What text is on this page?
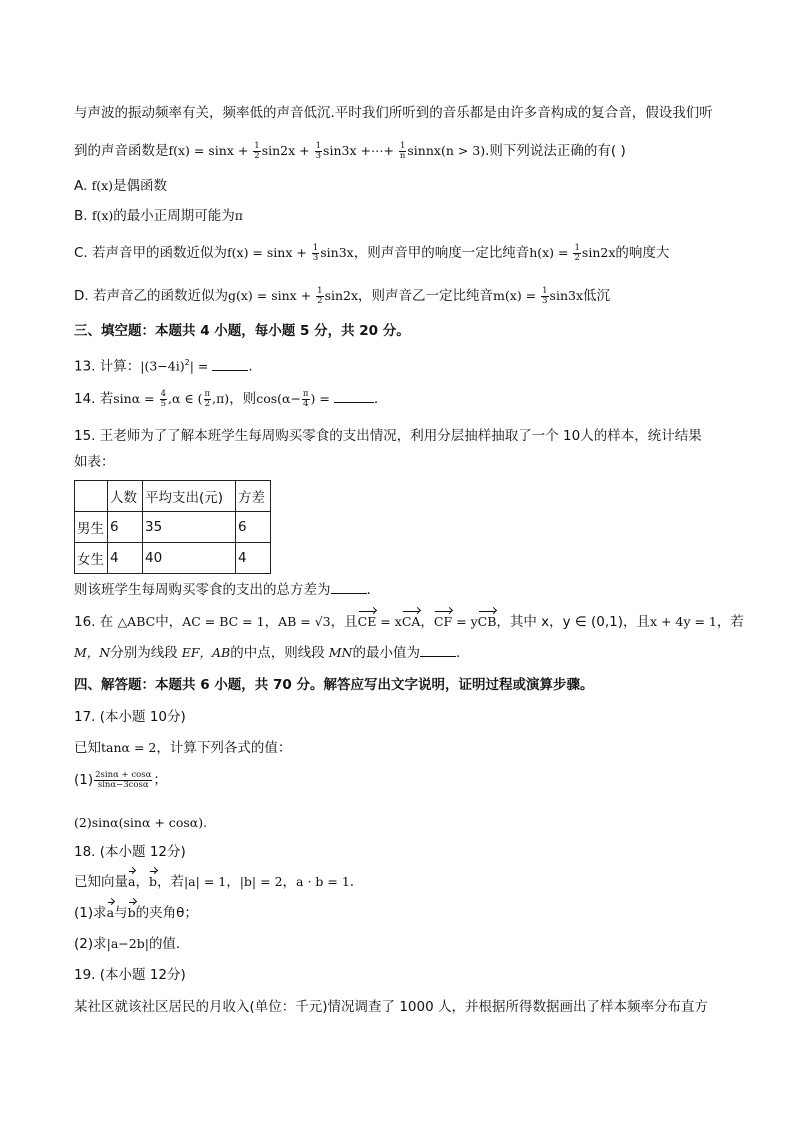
与声波的振动频率有关，频率低的声音低沉.平时我们所听到的音乐都是由许多音构成的复合音，假设我们听
到的声音函数是$f(x) = \sin x + \frac{1}{2} \sin 2x + \frac{1}{3} \sin 3x$ +⋯+ $\frac{1}{n}$ sinnx(n > 3).则下列说法正确的有( )
A. f(x)是偶函数
B. f(x)的最小正周期可能为π
C. 若声音甲的函数近似为$f(x) = \sin x + \frac{1}{3} \sin 3x$，则声音甲的响度一定比纯音$h(x) = \frac{1}{2} \sin 2x$的响度大
D. 若声音乙的函数近似为$g(x) = \sin x + \frac{1}{2} \sin 2x$，则声音乙一定比纯音$m(x) = \frac{1}{3} \sin 3x$低沉
三、填空题：本题共 4 小题，每小题 5 分，共 20 分。
13. 计算：$|(3-4i)^2|$ =	.
14. 若$\sin\alpha = \frac{4}{5} ,\alpha$ ∈ ( $\frac{\pi}{2} ,\pi$)，则$\cos(\alpha- \frac{\pi}{4}$ ) =	.
15. 王老师为了了解本班学生每周购买零食的支出情况，利用分层抽样抽取了一个 10人的样本，统计结果
如表：
	人数	平均支出(元)	方差
男生	6	35	6
女生	4	40	4
则该班学生每周购买零食的支出的总方差为	.
16. 在 △ABC中，AC = BC = 1，AB = √3，且CE = xCA，CF = yCB，其中 x，y ∈ (0,1)，且x + 4y = 1，若
M，N分别为线段 EF，AB的中点，则线段 MN的最小值为	.
四、解答题：本题共 6 小题，共 70 分。解答应写出文字说明，证明过程或演算步骤。
17. (本小题 10分)
已知tanα = 2，计算下列各式的值：
$(1) \frac{2\sin\alpha + \cos\alpha}{\sin\alpha-3\cos\alpha}$ ；
(2)sinα(sinα + cosα).
18. (本小题 12分)
已知向量a，b，若|a| = 1，|b| = 2，a · b = 1.
(1)求a与b的夹角θ；
(2)求|a−2b|的值.
19. (本小题 12分)
某社区就该社区居民的月收入(单位：千元)情况调查了 1000 人，并根据所得数据画出了样本频率分布直方
